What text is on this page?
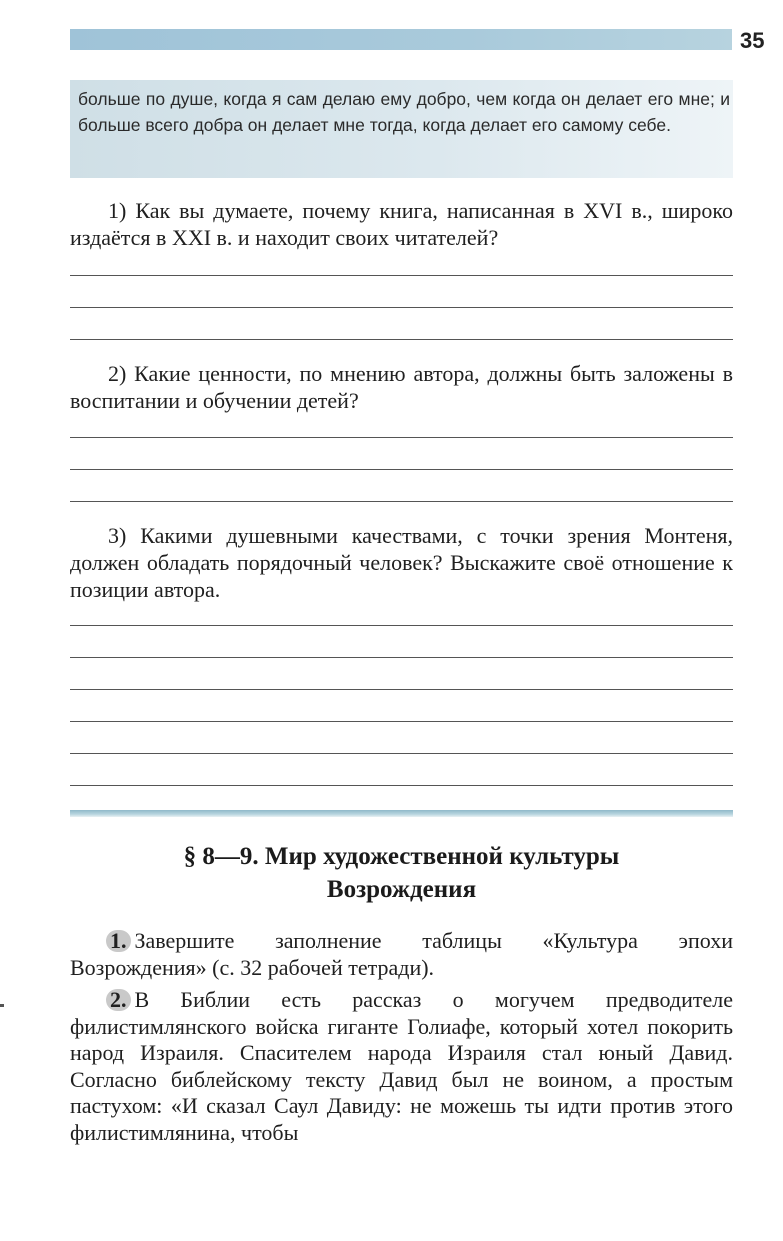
35
больше по душе, когда я сам делаю ему добро, чем когда он делает его мне; и больше всего добра он делает мне тогда, когда делает его самому себе.
1) Как вы думаете, почему книга, написанная в XVI в., широко издаётся в XXI в. и находит своих читателей?
2) Какие ценности, по мнению автора, должны быть заложены в воспитании и обучении детей?
3) Какими душевными качествами, с точки зрения Монтеня, должен обладать порядочный человек? Выскажите своё отношение к позиции автора.
§ 8—9. Мир художественной культуры
Возрождения
1. Завершите заполнение таблицы «Культура эпохи Возрождения» (с. 32 рабочей тетради).
2. В Библии есть рассказ о могучем предводителе филистимлянского войска гиганте Голиафе, который хотел покорить народ Израиля. Спасителем народа Израиля стал юный Давид. Согласно библейскому тексту Давид был не воином, а простым пастухом: «И сказал Саул Давиду: не можешь ты идти против этого филистимлянина, чтобы
